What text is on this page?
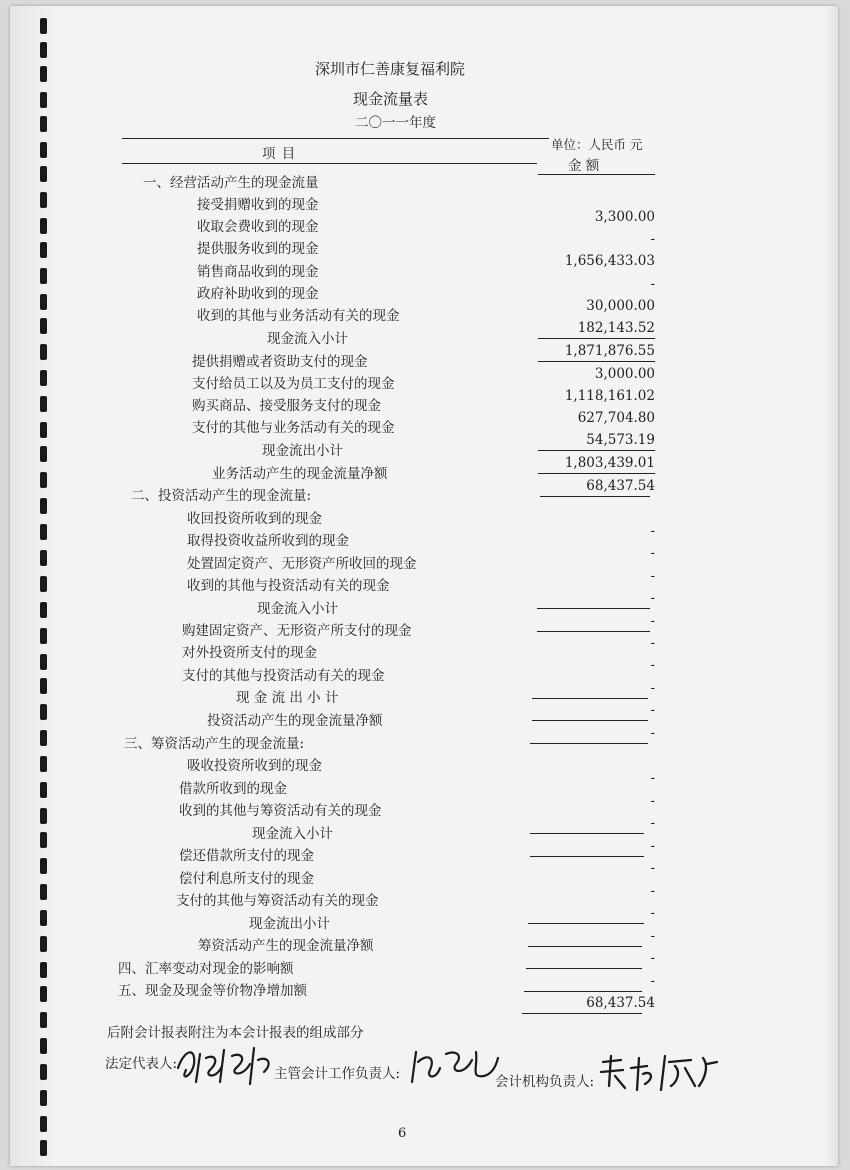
深圳市仁善康复福利院
现金流量表
二〇一一年度
单位：人民币 元
项 目
金 额
一、经营活动产生的现金流量
接受捐赠收到的现金
3,300.00
收取会费收到的现金
-
提供服务收到的现金
1,656,433.03
销售商品收到的现金
-
政府补助收到的现金
30,000.00
收到的其他与业务活动有关的现金
182,143.52
现金流入小计
1,871,876.55
提供捐赠或者资助支付的现金
3,000.00
支付给员工以及为员工支付的现金
1,118,161.02
购买商品、接受服务支付的现金
627,704.80
支付的其他与业务活动有关的现金
54,573.19
现金流出小计
1,803,439.01
业务活动产生的现金流量净额
68,437.54
二、投资活动产生的现金流量:
收回投资所收到的现金
-
取得投资收益所收到的现金
-
处置固定资产、无形资产所收回的现金
-
收到的其他与投资活动有关的现金
-
现金流入小计
-
购建固定资产、无形资产所支付的现金
-
对外投资所支付的现金
-
支付的其他与投资活动有关的现金
-
现 金 流 出 小 计
-
投资活动产生的现金流量净额
-
三、筹资活动产生的现金流量:
吸收投资所收到的现金
-
借款所收到的现金
-
收到的其他与筹资活动有关的现金
-
现金流入小计
-
偿还借款所支付的现金
-
偿付利息所支付的现金
-
支付的其他与筹资活动有关的现金
-
现金流出小计
-
筹资活动产生的现金流量净额
-
四、汇率变动对现金的影响额
-
五、现金及现金等价物净增加额
68,437.54
后附会计报表附注为本会计报表的组成部分
法定代表人:
主管会计工作负责人:	会计机构负责人:
6
